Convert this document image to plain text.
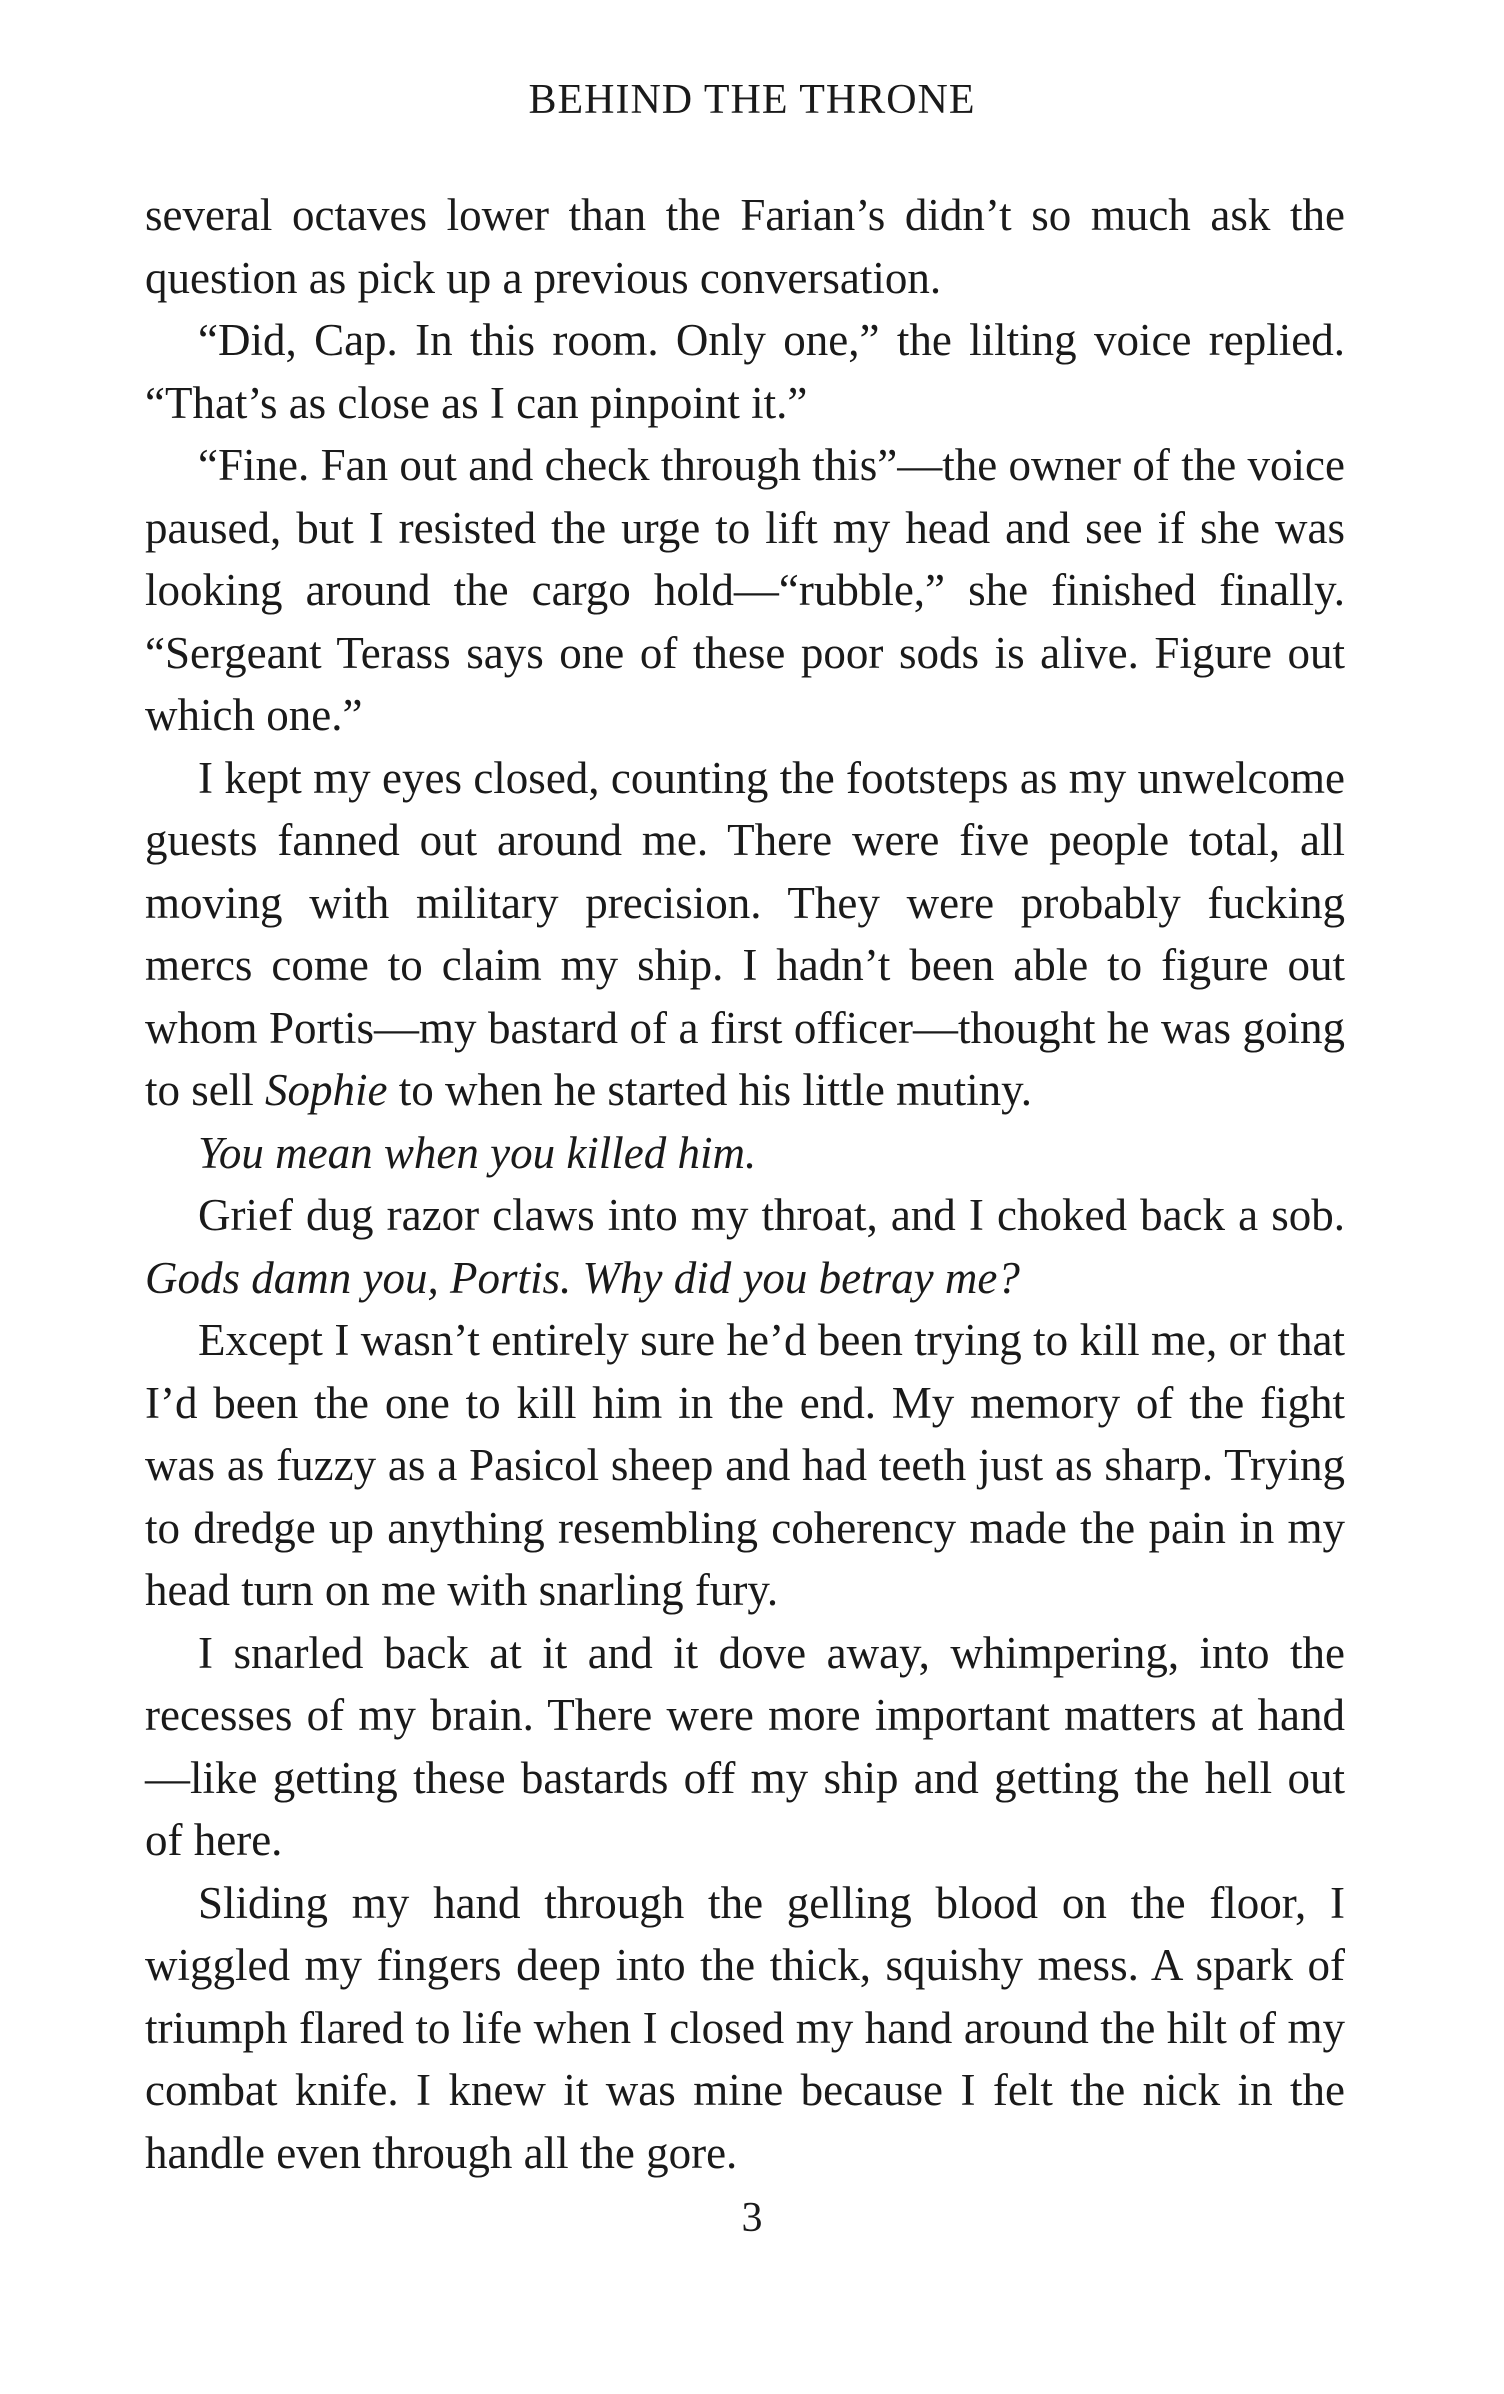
BEHIND THE THRONE

several octaves lower than the Farian’s didn’t so much ask the question as pick up a previous conversation.

“Did, Cap. In this room. Only one,” the lilting voice replied. “That’s as close as I can pinpoint it.”

“Fine. Fan out and check through this”—the owner of the voice paused, but I resisted the urge to lift my head and see if she was looking around the cargo hold—“rubble,” she finished finally. “Sergeant Terass says one of these poor sods is alive. Figure out which one.”

I kept my eyes closed, counting the footsteps as my unwelcome guests fanned out around me. There were five people total, all moving with military precision. They were probably fucking mercs come to claim my ship. I hadn’t been able to figure out whom Portis—my bastard of a first officer—thought he was going to sell Sophie to when he started his little mutiny.

You mean when you killed him.

Grief dug razor claws into my throat, and I choked back a sob. Gods damn you, Portis. Why did you betray me?

Except I wasn’t entirely sure he’d been trying to kill me, or that I’d been the one to kill him in the end. My memory of the fight was as fuzzy as a Pasicol sheep and had teeth just as sharp. Trying to dredge up anything resembling coherency made the pain in my head turn on me with snarling fury.

I snarled back at it and it dove away, whimpering, into the recesses of my brain. There were more important matters at hand—like getting these bastards off my ship and getting the hell out of here.

Sliding my hand through the gelling blood on the floor, I wiggled my fingers deep into the thick, squishy mess. A spark of triumph flared to life when I closed my hand around the hilt of my combat knife. I knew it was mine because I felt the nick in the handle even through all the gore.

3
